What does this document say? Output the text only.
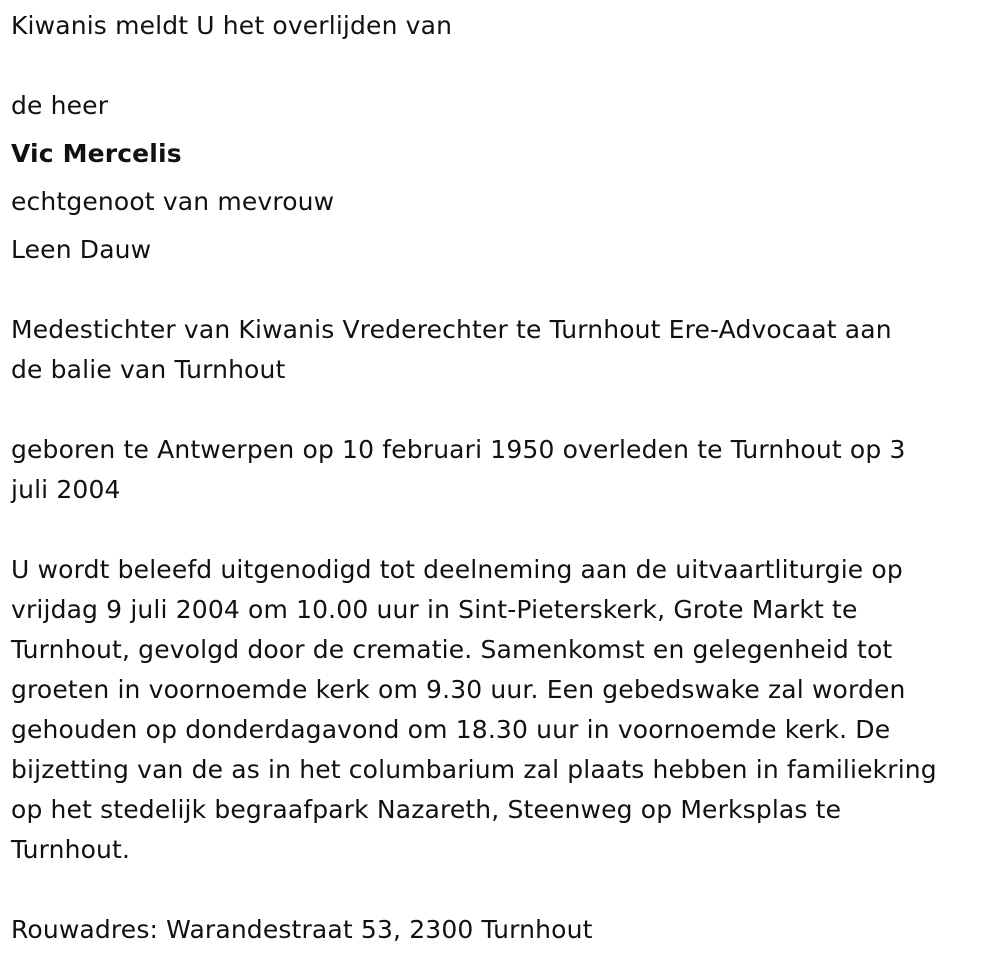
Kiwanis meldt U het overlijden van
de heer
Vic Mercelis
echtgenoot van mevrouw
Leen Dauw
Medestichter van Kiwanis Vrederechter te Turnhout Ere-Advocaat aan
de balie van Turnhout
geboren te Antwerpen op 10 februari 1950 overleden te Turnhout op 3
juli 2004
U wordt beleefd uitgenodigd tot deelneming aan de uitvaartliturgie op
vrijdag 9 juli 2004 om 10.00 uur in Sint-Pieterskerk, Grote Markt te
Turnhout, gevolgd door de crematie. Samenkomst en gelegenheid tot
groeten in voornoemde kerk om 9.30 uur. Een gebedswake zal worden
gehouden op donderdagavond om 18.30 uur in voornoemde kerk. De
bijzetting van de as in het columbarium zal plaats hebben in familiekring
op het stedelijk begraafpark Nazareth, Steenweg op Merksplas te
Turnhout.
Rouwadres: Warandestraat 53, 2300 Turnhout
